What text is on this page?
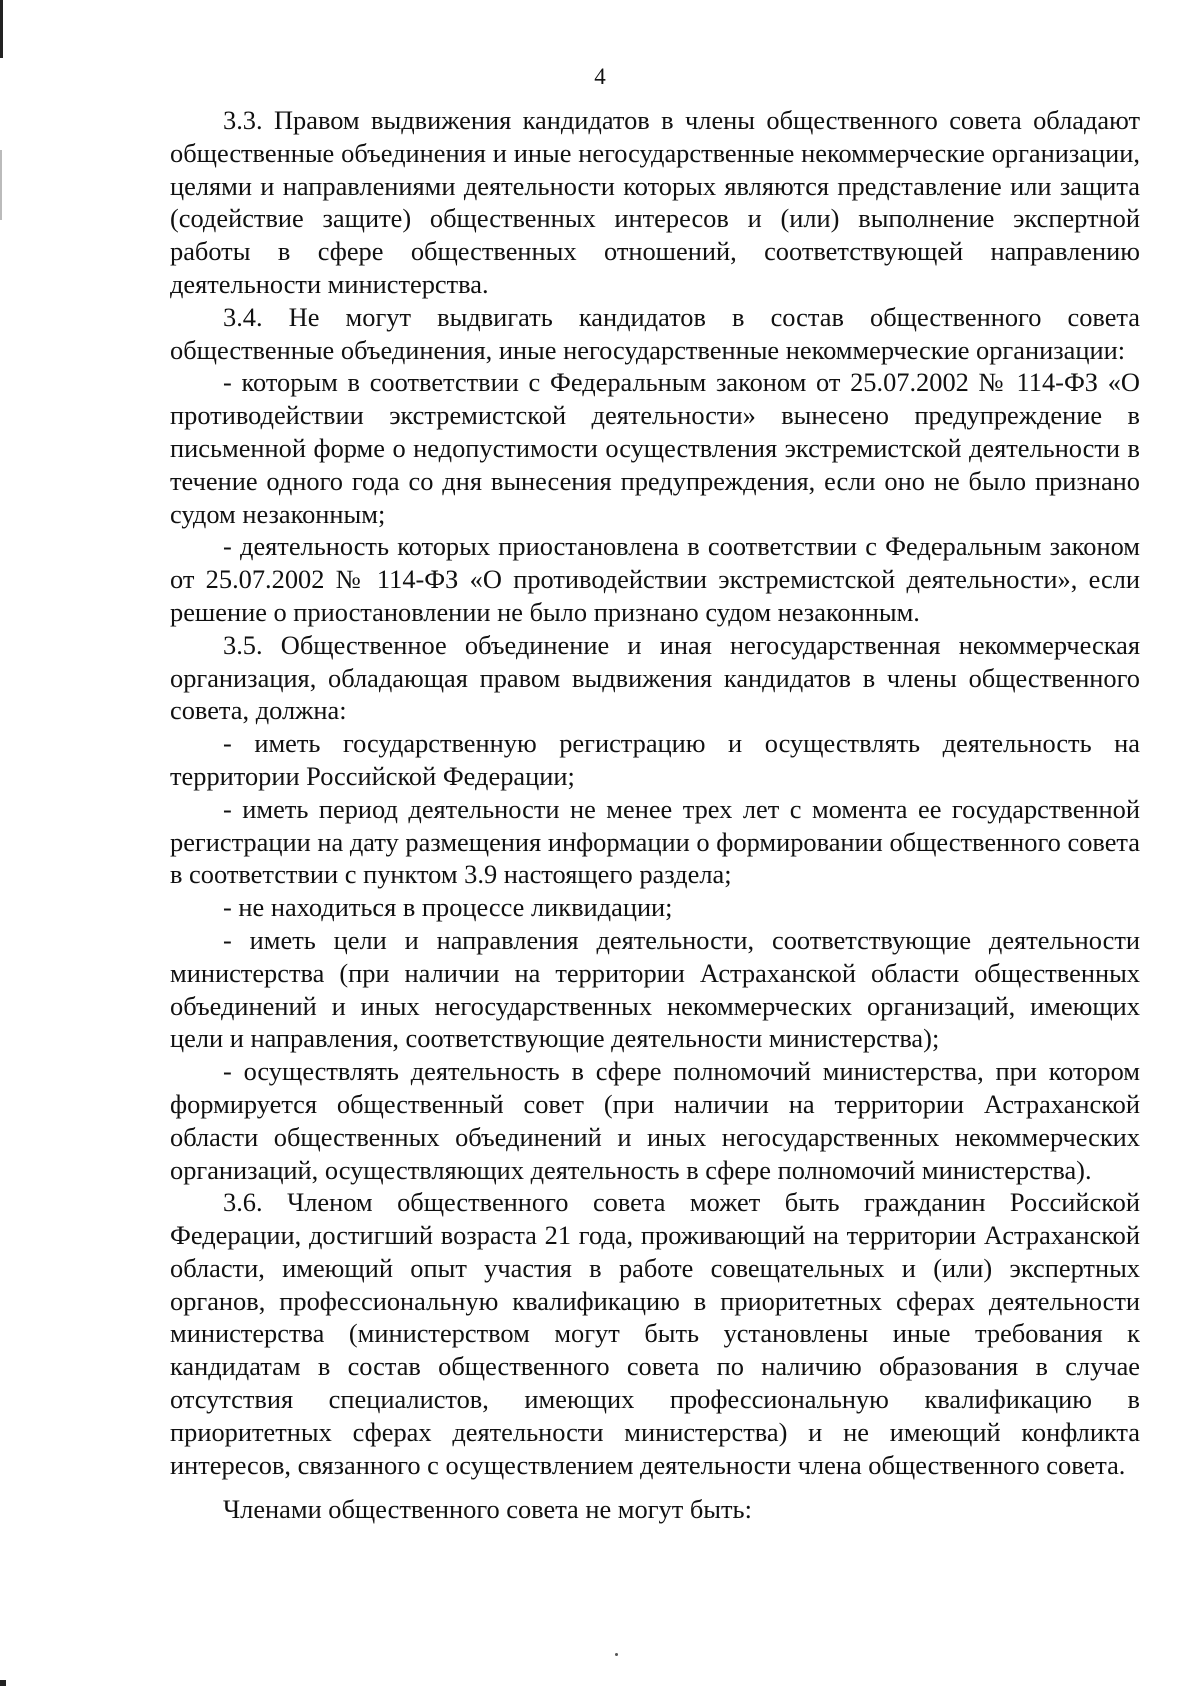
4

3.3. Правом выдвижения кандидатов в члены общественного совета обладают общественные объединения и иные негосударственные некоммерческие организации, целями и направлениями деятельности которых являются представление или защита (содействие защите) общественных интересов и (или) выполнение экспертной работы в сфере общественных отношений, соответствующей направлению деятельности министерства.

3.4. Не могут выдвигать кандидатов в состав общественного совета общественные объединения, иные негосударственные некоммерческие организации:

- которым в соответствии с Федеральным законом от 25.07.2002 № 114-ФЗ «О противодействии экстремистской деятельности» вынесено предупреждение в письменной форме о недопустимости осуществления экстремистской деятельности в течение одного года со дня вынесения предупреждения, если оно не было признано судом незаконным;

- деятельность которых приостановлена в соответствии с Федеральным законом от 25.07.2002 № 114-ФЗ «О противодействии экстремистской деятельности», если решение о приостановлении не было признано судом незаконным.

3.5. Общественное объединение и иная негосударственная некоммерческая организация, обладающая правом выдвижения кандидатов в члены общественного совета, должна:

- иметь государственную регистрацию и осуществлять деятельность на территории Российской Федерации;

- иметь период деятельности не менее трех лет с момента ее государственной регистрации на дату размещения информации о формировании общественного совета в соответствии с пунктом 3.9 настоящего раздела;

- не находиться в процессе ликвидации;

- иметь цели и направления деятельности, соответствующие деятельности министерства (при наличии на территории Астраханской области общественных объединений и иных негосударственных некоммерческих организаций, имеющих цели и направления, соответствующие деятельности министерства);

- осуществлять деятельность в сфере полномочий министерства, при котором формируется общественный совет (при наличии на территории Астраханской области общественных объединений и иных негосударственных некоммерческих организаций, осуществляющих деятельность в сфере полномочий министерства).

3.6. Членом общественного совета может быть гражданин Российской Федерации, достигший возраста 21 года, проживающий на территории Астраханской области, имеющий опыт участия в работе совещательных и (или) экспертных органов, профессиональную квалификацию в приоритетных сферах деятельности министерства (министерством могут быть установлены иные требования к кандидатам в состав общественного совета по наличию образования в случае отсутствия специалистов, имеющих профессиональную квалификацию в приоритетных сферах деятельности министерства) и не имеющий конфликта интересов, связанного с осуществлением деятельности члена общественного совета.

Членами общественного совета не могут быть:
